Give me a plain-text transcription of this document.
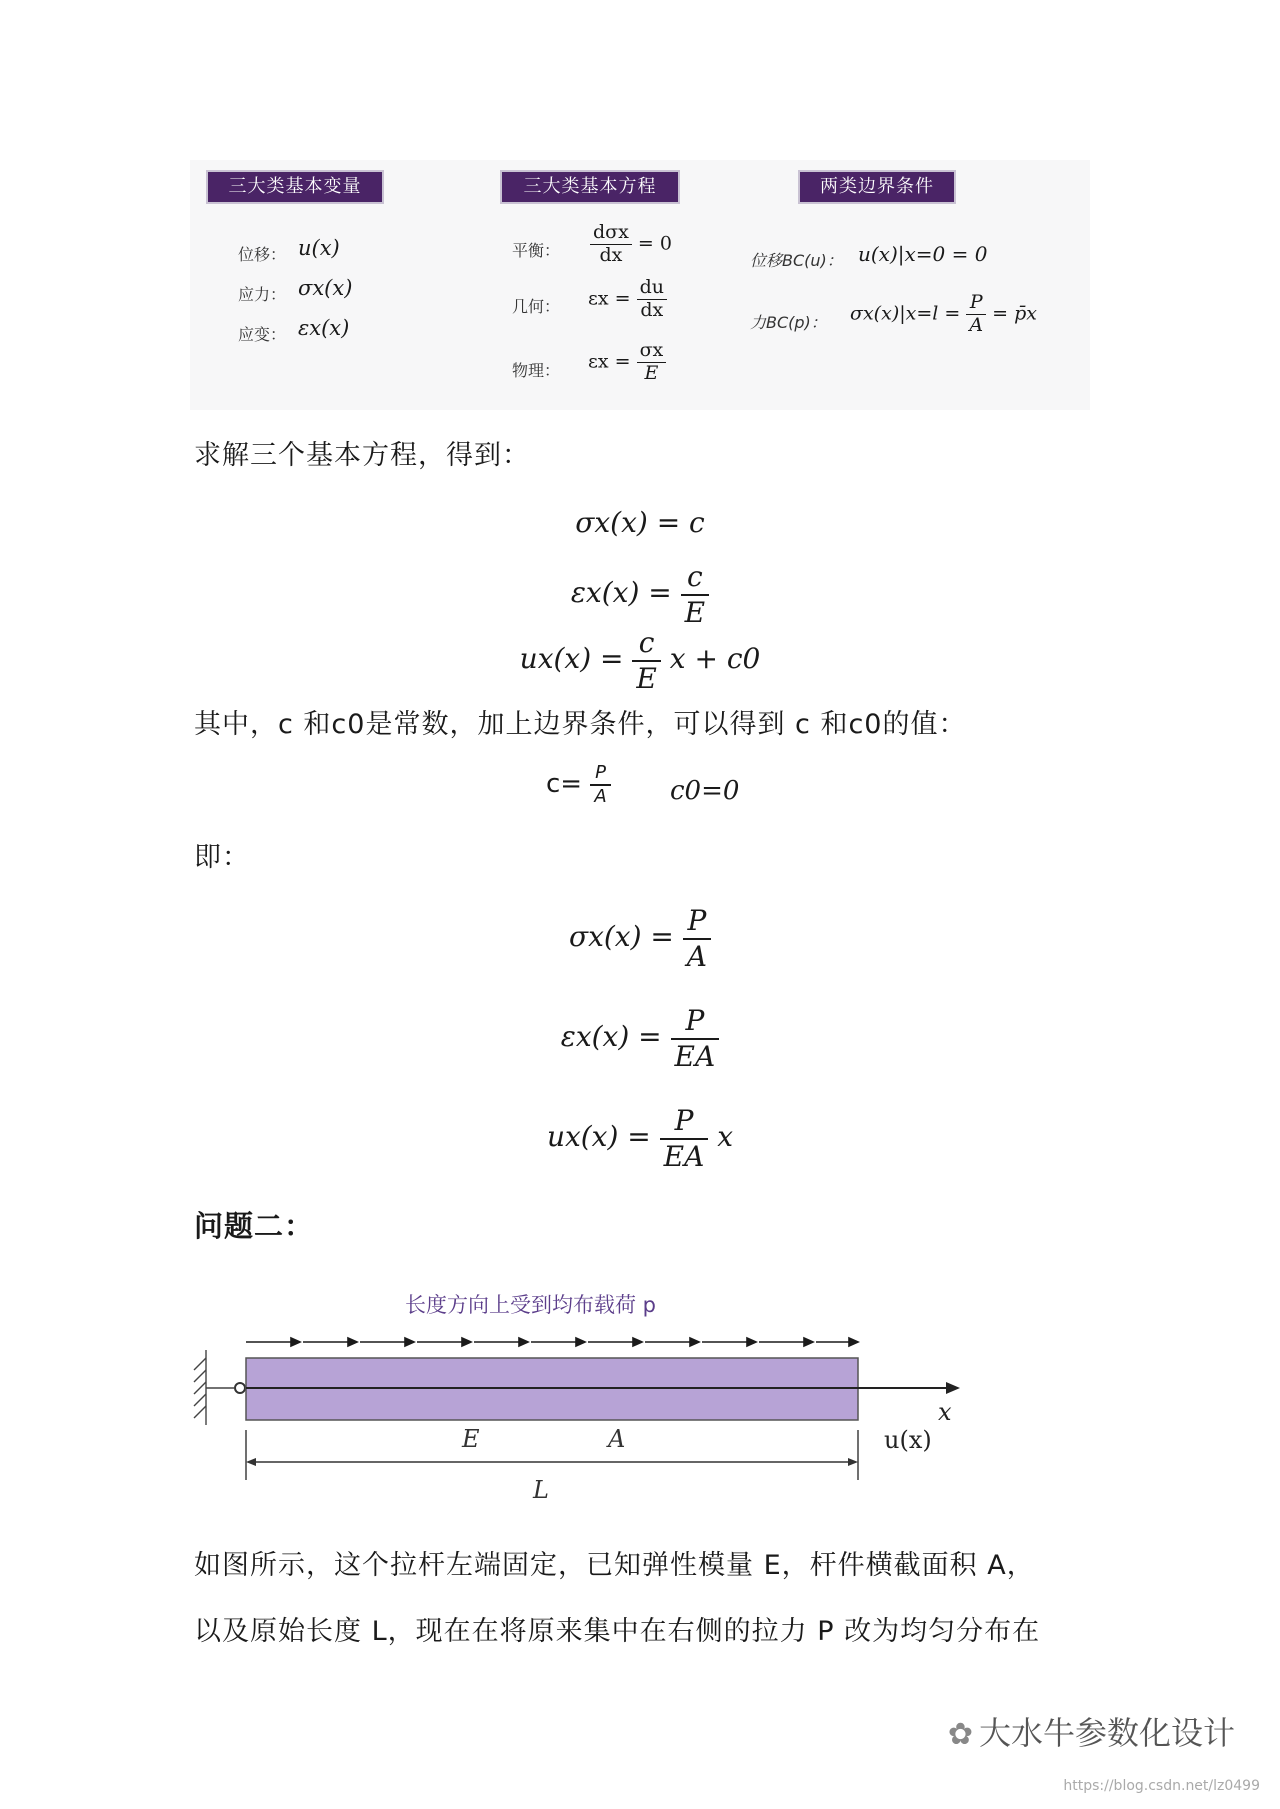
三大类基本变量	三大类基本方程	两类边界条件
位移： u(x)
应力： σx(x)
应变： εx(x)
平衡： $\frac{\text{dσx}}{dx} = 0$
几何： $\varepsilon x = \frac{du}{dx}$
物理： $\varepsilon x = \frac{\sigma x}{E}$
位移BC(u)： u(x)|x=0 = 0
力BC(p)： $\sigma x(x)|x=l = \frac{P}{A}$ = p̄x
求解三个基本方程，得到：
σx(x) = c
$\varepsilon x(x) = \frac{c}{E}$
$ux(x) = \frac{c}{E}$ x + c0
其中，c 和c0是常数，加上边界条件，可以得到 c 和c0的值：
$c= \frac{P}{A} c0=0$
即：
$\sigma x(x) = \frac{P}{A}$
$\varepsilon x(x) = \frac{P}{EA}$
$ux(x) = \frac{P}{EA}$ x
问题二：
长度方向上受到均布载荷 p
x
u(x)
E	A
L
如图所示，这个拉杆左端固定，已知弹性模量 E，杆件横截面积 A，
以及原始长度 L，现在在将原来集中在右侧的拉力 P 改为均匀分布在
✿ 大水牛参数化设计
https://blog.csdn.net/lz0499
